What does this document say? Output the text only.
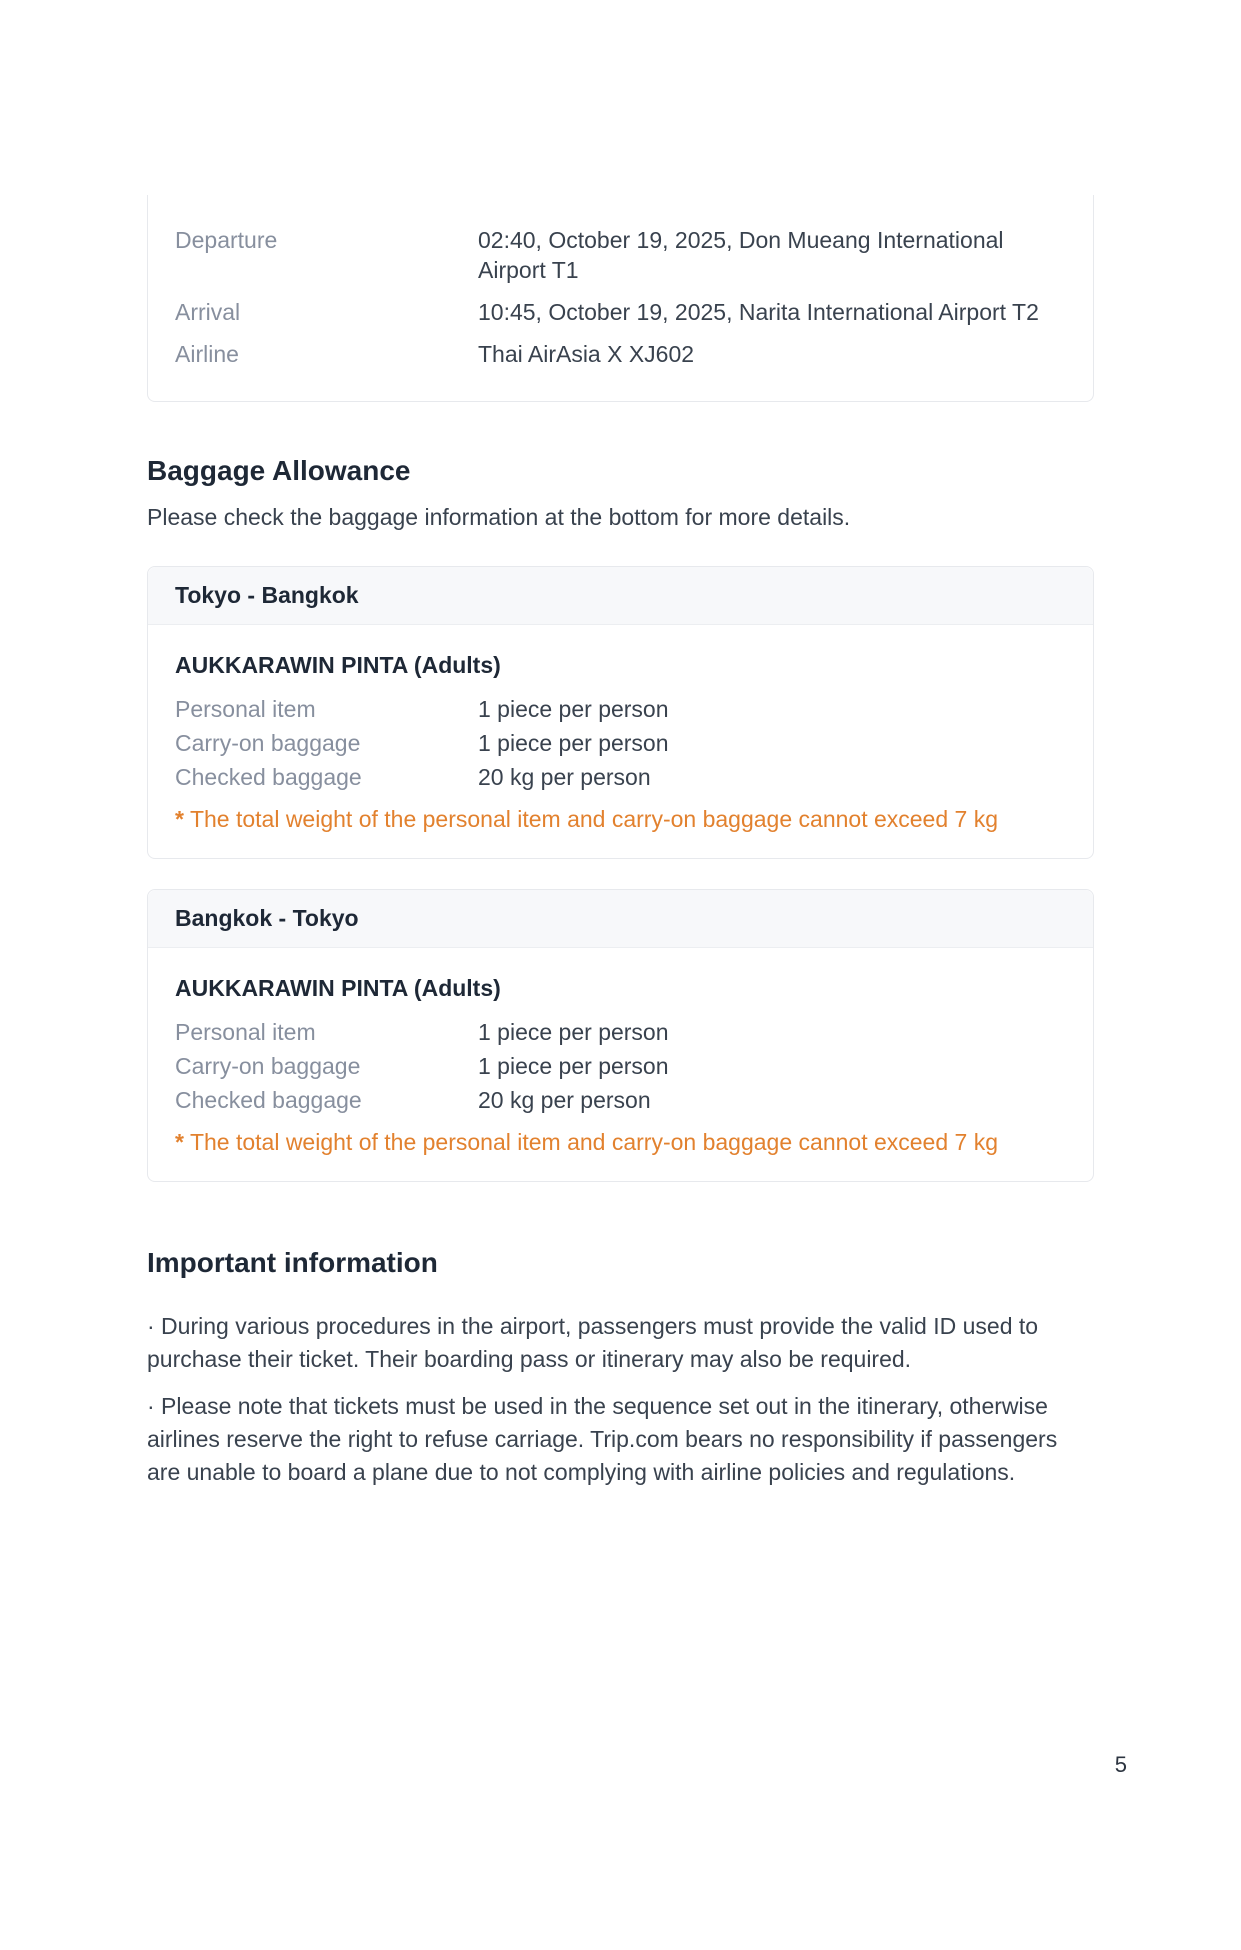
Departure	02:40, October 19, 2025, Don Mueang International Airport T1
Arrival	10:45, October 19, 2025, Narita International Airport T2
Airline	Thai AirAsia X XJ602
Baggage Allowance

Please check the baggage information at the bottom for more details.

Tokyo - Bangkok
AUKKARAWIN PINTA (Adults)
Personal item	1 piece per person
Carry-on baggage	1 piece per person
Checked baggage	20 kg per person
* The total weight of the personal item and carry-on baggage cannot exceed 7 kg
Bangkok - Tokyo
AUKKARAWIN PINTA (Adults)
Personal item	1 piece per person
Carry-on baggage	1 piece per person
Checked baggage	20 kg per person
* The total weight of the personal item and carry-on baggage cannot exceed 7 kg
Important information

· During various procedures in the airport, passengers must provide the valid ID used to purchase their ticket. Their boarding pass or itinerary may also be required.

· Please note that tickets must be used in the sequence set out in the itinerary, otherwise airlines reserve the right to refuse carriage. Trip.com bears no responsibility if passengers are unable to board a plane due to not complying with airline policies and regulations.

5
